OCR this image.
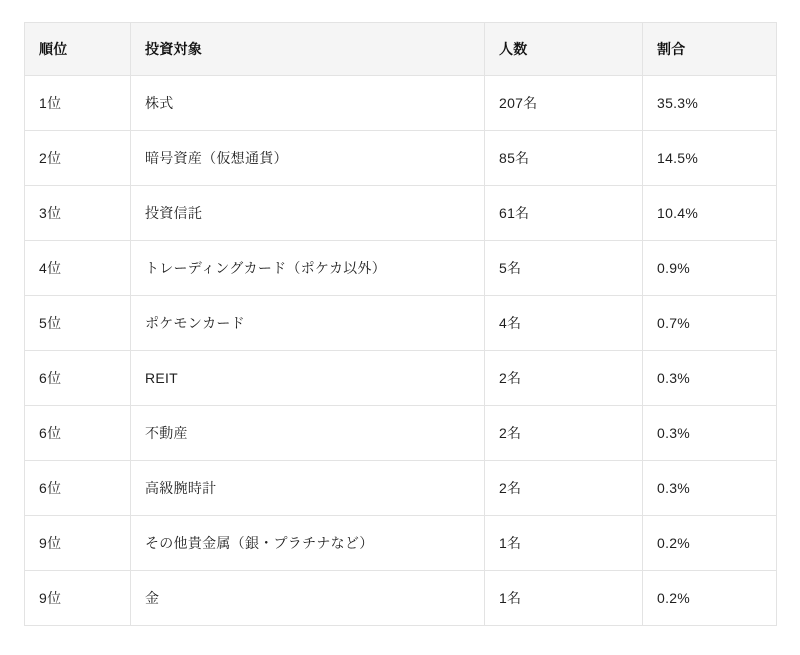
順位	投資対象	人数	割合
1位	株式	207名	35.3%
2位	暗号資産（仮想通貨）	85名	14.5%
3位	投資信託	61名	10.4%
4位	トレーディングカード（ポケカ以外）	5名	0.9%
5位	ポケモンカード	4名	0.7%
6位	REIT	2名	0.3%
6位	不動産	2名	0.3%
6位	高級腕時計	2名	0.3%
9位	その他貴金属（銀・プラチナなど）	1名	0.2%
9位	金	1名	0.2%
